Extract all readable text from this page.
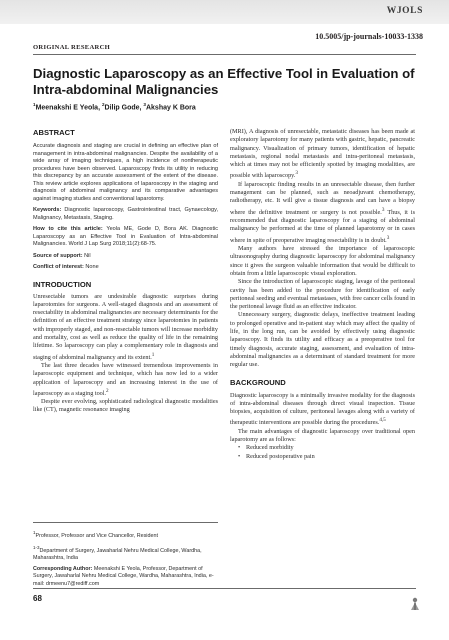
WJOLS
10.5005/jp-journals-10033-1338
ORIGINAL RESEARCH
Diagnostic Laparoscopy as an Effective Tool in Evaluation of Intra-abdominal Malignancies
$^1$Meenakshi E Yeola, $^2$Dilip Gode, $^3$Akshay K Bora
ABSTRACT

Accurate diagnosis and staging are crucial in defining an effective plan of management in intra-abdominal malignancies. Despite the availability of a wide array of imaging techniques, a high incidence of nontherapeutic procedures have been observed. Laparoscopy finds its utility in reducing this discrepancy by an accurate assessment of the extent of the disease. This review article explores applications of laparoscopy in the staging and diagnosis of abdominal malignancy and its comparative advantages against imaging studies and conventional laparotomy.

Keywords: Diagnostic laparoscopy, Gastrointestinal tract, Gynaecology, Malignancy, Metastasis, Staging.

How to cite this article: Yeola ME, Gode D, Bora AK. Diagnostic Laparoscopy as an Effective Tool in Evaluation of Intra-abdominal Malignancies. World J Lap Surg 2018;11(2):68-75.

Source of support: Nil

Conflict of interest: None

INTRODUCTION

Unresectable tumors are undesirable diagnostic surprises during laparotomies for surgeons. A well-staged diagnosis and an assessment of resectability in abdominal malignancies are necessary determinants for the definition of an effective treatment strategy since laparotomies in patients with improperly staged, and non-resectable tumors will increase morbidity and mortality, cost as well as reduce the quality of life in the remaining lifetime. So laparoscopy can play a complementary role in diagnosis and staging of abdominal malignancy and its extent.$^1$

The last three decades have witnessed tremendous improvements in laparoscopic equipment and technique, which has now led to a wider application of laparoscopy and an increasing interest in the use of laparoscopy as a staging tool.$^2$

Despite ever evolving, sophisticated radiological diagnostic modalities like (CT), magnetic resonance imaging

$^1$Professor, Professor and Vice Chancellor, Resident

$^{1-3}$Department of Surgery, Jawaharlal Nehru Medical College, Wardha, Maharashtra, India

Corresponding Author: Meenakshi E Yeola, Professor, Department of Surgery, Jawaharlal Nehru Medical College, Wardha, Maharashtra, India, e-mail: drmeenu7@rediff.com

(MRI), A diagnosis of unresectable, metastatic diseases has been made at exploratory laparotomy for many patients with gastric, hepatic, pancreatic malignancy. Visualization of primary tumors, identification of hepatic metastasis, regional nodal metastasis and intra-peritoneal metastasis, which at times may not be efficiently spotted by imaging modalities, are possible with laparoscopy.$^3$

If laparoscopic finding results in an unresectable disease, then further management can be planned, such as neoadjuvant chemotherapy, radiotherapy, etc. It will give a tissue diagnosis and can have a biopsy where the definitive treatment or surgery is not possible.$^3$ Thus, it is recommended that diagnostic laparoscopy for a staging of abdominal malignancy be performed at the time of planned laparotomy or in cases where in spite of preoperative imaging resectability is in doubt.$^3$

Many authors have stressed the importance of laparoscopic ultrasonography during diagnostic laparoscopy for abdominal malignancy since it gives the surgeon valuable information that would be difficult to obtain from a little laparoscopic visual exploration.

Since the introduction of laparoscopic staging, lavage of the peritoneal cavity has been added to the procedure for identification of early peritoneal seeding and eventual metastases, with free cancer cells found in the peritoneal lavage fluid as an effective indicator.

Unnecessary surgery, diagnostic delays, ineffective treatment leading to prolonged operative and in-patient stay which may affect the quality of life, in the long run, can be avoided by effectively using diagnostic laparoscopy. It finds its utility and efficacy as a preoperative tool for timely diagnosis, accurate staging, assessment, and evaluation of intra-abdominal malignancies as a determinant of standard treatment for more regular use.

BACKGROUND

Diagnostic laparoscopy is a minimally invasive modality for the diagnosis of intra-abdominal diseases through direct visual inspection. Tissue biopsies, acquisition of culture, peritoneal lavages along with a variety of therapeutic interventions are possible during the procedures.$^{4,5}$

The main advantages of diagnostic laparoscopy over traditional open laparotomy are as follows:

• Reduced morbidity
• Reduced postoperative pain
68
